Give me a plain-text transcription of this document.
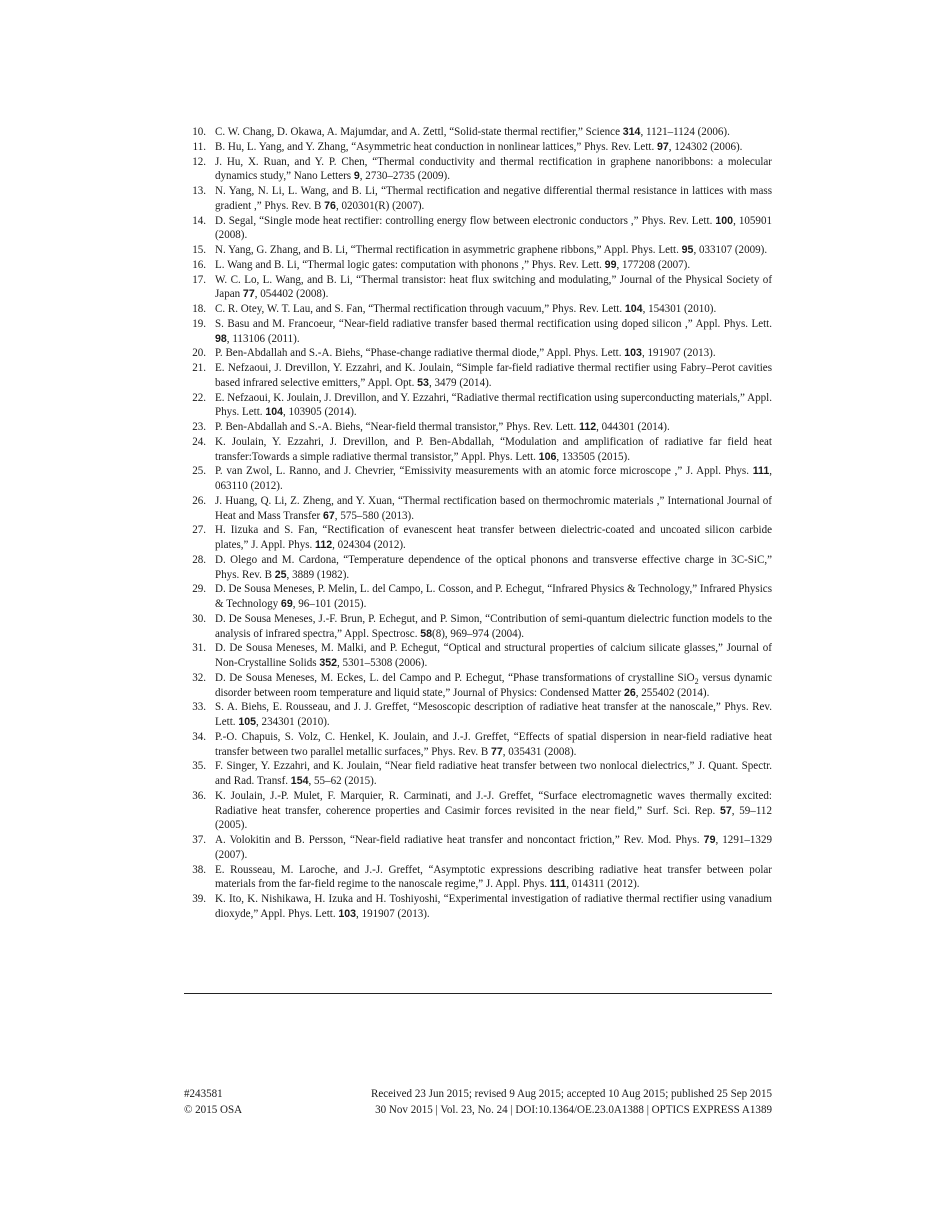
10. C. W. Chang, D. Okawa, A. Majumdar, and A. Zettl, “Solid-state thermal rectifier,” Science 314, 1121–1124 (2006).
11. B. Hu, L. Yang, and Y. Zhang, “Asymmetric heat conduction in nonlinear lattices,” Phys. Rev. Lett. 97, 124302 (2006).
12. J. Hu, X. Ruan, and Y. P. Chen, “Thermal conductivity and thermal rectification in graphene nanoribbons: a molecular dynamics study,” Nano Letters 9, 2730–2735 (2009).
13. N. Yang, N. Li, L. Wang, and B. Li, “Thermal rectification and negative differential thermal resistance in lattices with mass gradient ,” Phys. Rev. B 76, 020301(R) (2007).
14. D. Segal, “Single mode heat rectifier: controlling energy flow between electronic conductors ,” Phys. Rev. Lett. 100, 105901 (2008).
15. N. Yang, G. Zhang, and B. Li, “Thermal rectification in asymmetric graphene ribbons,” Appl. Phys. Lett. 95, 033107 (2009).
16. L. Wang and B. Li, “Thermal logic gates: computation with phonons ,” Phys. Rev. Lett. 99, 177208 (2007).
17. W. C. Lo, L. Wang, and B. Li, “Thermal transistor: heat flux switching and modulating,” Journal of the Physical Society of Japan 77, 054402 (2008).
18. C. R. Otey, W. T. Lau, and S. Fan, “Thermal rectification through vacuum,” Phys. Rev. Lett. 104, 154301 (2010).
19. S. Basu and M. Francoeur, “Near-field radiative transfer based thermal rectification using doped silicon ,” Appl. Phys. Lett. 98, 113106 (2011).
20. P. Ben-Abdallah and S.-A. Biehs, “Phase-change radiative thermal diode,” Appl. Phys. Lett. 103, 191907 (2013).
21. E. Nefzaoui, J. Drevillon, Y. Ezzahri, and K. Joulain, “Simple far-field radiative thermal rectifier using Fabry–Perot cavities based infrared selective emitters,” Appl. Opt. 53, 3479 (2014).
22. E. Nefzaoui, K. Joulain, J. Drevillon, and Y. Ezzahri, “Radiative thermal rectification using superconducting materials,” Appl. Phys. Lett. 104, 103905 (2014).
23. P. Ben-Abdallah and S.-A. Biehs, “Near-field thermal transistor,” Phys. Rev. Lett. 112, 044301 (2014).
24. K. Joulain, Y. Ezzahri, J. Drevillon, and P. Ben-Abdallah, “Modulation and amplification of radiative far field heat transfer:Towards a simple radiative thermal transistor,” Appl. Phys. Lett. 106, 133505 (2015).
25. P. van Zwol, L. Ranno, and J. Chevrier, “Emissivity measurements with an atomic force microscope ,” J. Appl. Phys. 111, 063110 (2012).
26. J. Huang, Q. Li, Z. Zheng, and Y. Xuan, “Thermal rectification based on thermochromic materials ,” International Journal of Heat and Mass Transfer 67, 575–580 (2013).
27. H. Iizuka and S. Fan, “Rectification of evanescent heat transfer between dielectric-coated and uncoated silicon carbide plates,” J. Appl. Phys. 112, 024304 (2012).
28. D. Olego and M. Cardona, “Temperature dependence of the optical phonons and transverse effective charge in 3C-SiC,” Phys. Rev. B 25, 3889 (1982).
29. D. De Sousa Meneses, P. Melin, L. del Campo, L. Cosson, and P. Echegut, “Infrared Physics & Technology,” Infrared Physics & Technology 69, 96–101 (2015).
30. D. De Sousa Meneses, J.-F. Brun, P. Echegut, and P. Simon, “Contribution of semi-quantum dielectric function models to the analysis of infrared spectra,” Appl. Spectrosc. 58(8), 969–974 (2004).
31. D. De Sousa Meneses, M. Malki, and P. Echegut, “Optical and structural properties of calcium silicate glasses,” Journal of Non-Crystalline Solids 352, 5301–5308 (2006).
32. D. De Sousa Meneses, M. Eckes, L. del Campo and P. Echegut, “Phase transformations of crystalline SiO$_2$ versus dynamic disorder between room temperature and liquid state,” Journal of Physics: Condensed Matter 26, 255402 (2014).
33. S. A. Biehs, E. Rousseau, and J. J. Greffet, “Mesoscopic description of radiative heat transfer at the nanoscale,” Phys. Rev. Lett. 105, 234301 (2010).
34. P.-O. Chapuis, S. Volz, C. Henkel, K. Joulain, and J.-J. Greffet, “Effects of spatial dispersion in near-field radiative heat transfer between two parallel metallic surfaces,” Phys. Rev. B 77, 035431 (2008).
35. F. Singer, Y. Ezzahri, and K. Joulain, “Near field radiative heat transfer between two nonlocal dielectrics,” J. Quant. Spectr. and Rad. Transf. 154, 55–62 (2015).
36. K. Joulain, J.-P. Mulet, F. Marquier, R. Carminati, and J.-J. Greffet, “Surface electromagnetic waves thermally excited: Radiative heat transfer, coherence properties and Casimir forces revisited in the near field,” Surf. Sci. Rep. 57, 59–112 (2005).
37. A. Volokitin and B. Persson, “Near-field radiative heat transfer and noncontact friction,” Rev. Mod. Phys. 79, 1291–1329 (2007).
38. E. Rousseau, M. Laroche, and J.-J. Greffet, “Asymptotic expressions describing radiative heat transfer between polar materials from the far-field regime to the nanoscale regime,” J. Appl. Phys. 111, 014311 (2012).
39. K. Ito, K. Nishikawa, H. Izuka and H. Toshiyoshi, “Experimental investigation of radiative thermal rectifier using vanadium dioxyde,” Appl. Phys. Lett. 103, 191907 (2013).
#243581
© 2015 OSA
Received 23 Jun 2015; revised 9 Aug 2015; accepted 10 Aug 2015; published 25 Sep 2015
30 Nov 2015 | Vol. 23, No. 24 | DOI:10.1364/OE.23.0A1388 | OPTICS EXPRESS A1389
